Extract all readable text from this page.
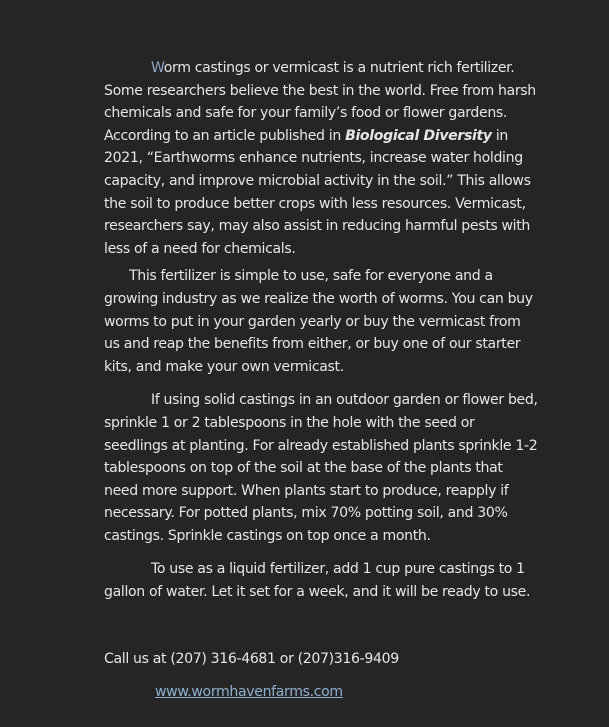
Worm castings or vermicast is a nutrient rich fertilizer. Some researchers believe the best in the world. Free from harsh chemicals and safe for your family’s food or flower gardens. According to an article published in Biological Diversity in 2021, “Earthworms enhance nutrients, increase water holding capacity, and improve microbial activity in the soil.” This allows the soil to produce better crops with less resources. Vermicast, researchers say, may also assist in reducing harmful pests with less of a need for chemicals.

This fertilizer is simple to use, safe for everyone and a growing industry as we realize the worth of worms. You can buy worms to put in your garden yearly or buy the vermicast from us and reap the benefits from either, or buy one of our starter kits, and make your own vermicast.

If using solid castings in an outdoor garden or flower bed, sprinkle 1 or 2 tablespoons in the hole with the seed or seedlings at planting. For already established plants sprinkle 1-2 tablespoons on top of the soil at the base of the plants that need more support. When plants start to produce, reapply if necessary. For potted plants, mix 70% potting soil, and 30% castings. Sprinkle castings on top once a month.

To use as a liquid fertilizer, add 1 cup pure castings to 1 gallon of water. Let it set for a week, and it will be ready to use.

Call us at (207) 316-4681 or (207)316-9409
www.wormhavenfarms.com
